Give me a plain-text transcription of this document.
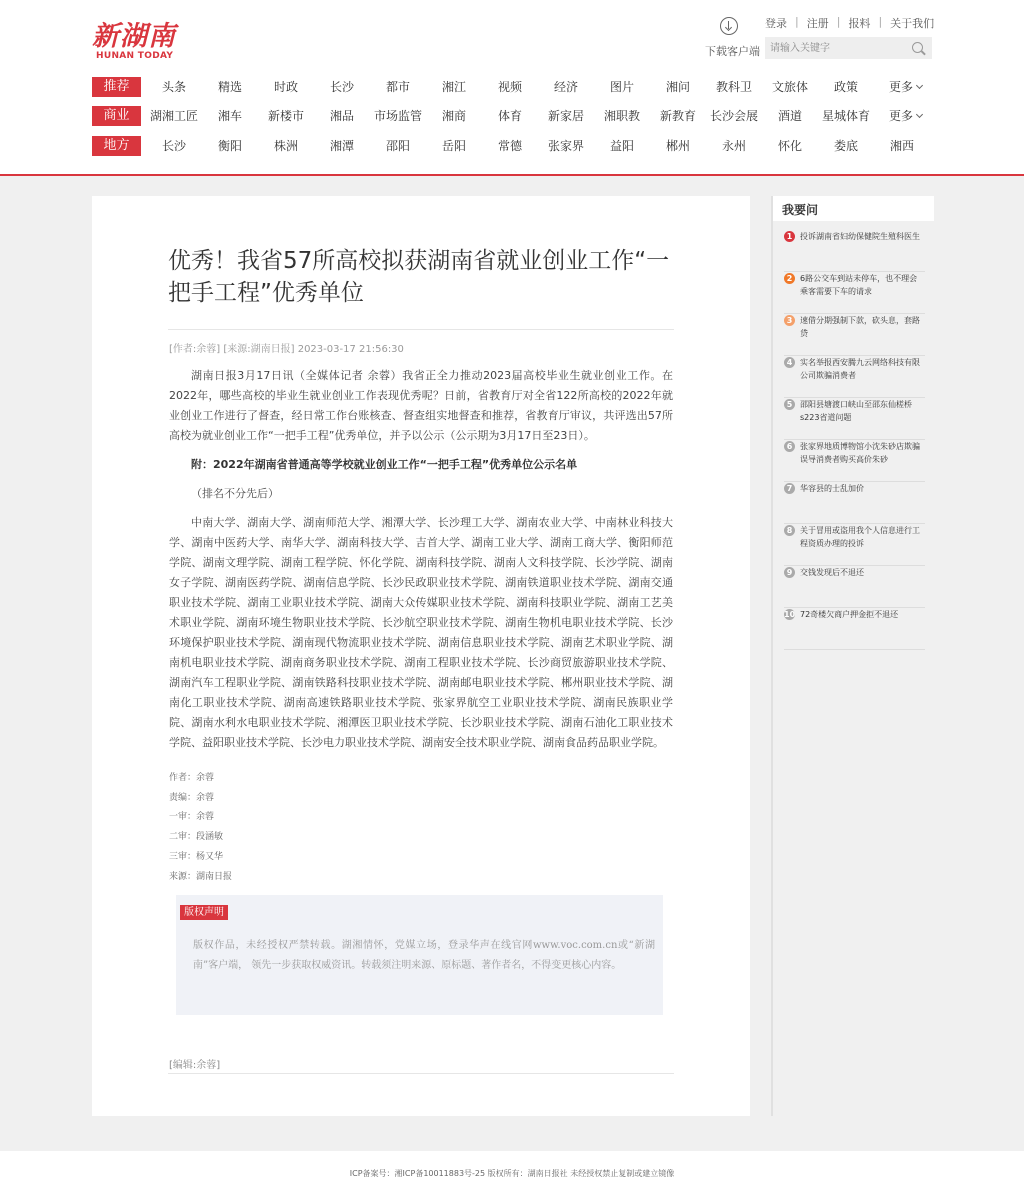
新湖南
HUNAN TODAY	下载客户端
登录 | 注册 | 报料 | 关于我们
请输入关键字
推荐	头条	精选	时政	长沙	都市	湘江	视频	经济	图片	湘问 教科卫 文旅体 政策	更多
商业	湖湘工匠 湘车 新楼市 湘品 市场监管 湘商	体育 新家居 湘职教 新教育 长沙会展 酒道 星城体育 更多
地方	长沙	衡阳	株洲	湘潭	邵阳	岳阳	常德 张家界 益阳	郴州	永州	怀化	娄底	湘西
优秀！我省57所高校拟获湖南省就业创业工作“一把手工程”优秀单位
[作者:余蓉] [来源:湖南日报] 2023-03-17 21:56:30

湖南日报3月17日讯（全媒体记者 余蓉）我省正全力推动2023届高校毕业生就业创业工作。在2022年，哪些高校的毕业生就业创业工作表现优秀呢？日前，省教育厅对全省122所高校的2022年就业创业工作进行了督查，经日常工作台账核查、督查组实地督查和推荐，省教育厅审议，共评选出57所高校为就业创业工作“一把手工程”优秀单位，并予以公示（公示期为3月17日至23日）。

附：2022年湖南省普通高等学校就业创业工作“一把手工程”优秀单位公示名单

（排名不分先后）

中南大学、湖南大学、湖南师范大学、湘潭大学、长沙理工大学、湖南农业大学、中南林业科技大学、湖南中医药大学、南华大学、湖南科技大学、吉首大学、湖南工业大学、湖南工商大学、衡阳师范学院、湖南文理学院、湖南工程学院、怀化学院、湖南科技学院、湖南人文科技学院、长沙学院、湖南女子学院、湖南医药学院、湖南信息学院、长沙民政职业技术学院、湖南铁道职业技术学院、湖南交通职业技术学院、湖南工业职业技术学院、湖南大众传媒职业技术学院、湖南科技职业学院、湖南工艺美术职业学院、湖南环境生物职业技术学院、长沙航空职业技术学院、湖南生物机电职业技术学院、长沙环境保护职业技术学院、湖南现代物流职业技术学院、湖南信息职业技术学院、湖南艺术职业学院、湖南机电职业技术学院、湖南商务职业技术学院、湖南工程职业技术学院、长沙商贸旅游职业技术学院、湖南汽车工程职业学院、湖南铁路科技职业技术学院、湖南邮电职业技术学院、郴州职业技术学院、湖南化工职业技术学院、湖南高速铁路职业技术学院、张家界航空工业职业技术学院、湖南民族职业学院、湖南水利水电职业技术学院、湘潭医卫职业技术学院、长沙职业技术学院、湖南石油化工职业技术学院、益阳职业技术学院、长沙电力职业技术学院、湖南安全技术职业学院、湖南食品药品职业学院。

作者：余蓉
责编：余蓉
一审：余蓉
二审：段涵敏
三审：杨又华
来源：湖南日报
版权声明
版权作品，未经授权严禁转载。湖湘情怀，党媒立场，登录华声在线官网www.voc.com.cn或“新湖南”客户端， 领先一步获取权威资讯。转载须注明来源、原标题、著作者名，不得变更核心内容。
[编辑:余蓉]
我要问
1 投诉湖南省妇幼保健院生殖科医生
2 6路公交车到站未停车，也不理会乘客需要下车的请求
3 速借分期强制下款，砍头息，套路贷
4 实名举报西安腾九云网络科技有限公司欺骗消费者
5 邵阳县塘渡口峡山至邵东仙槎桥s223省道问题
6 张家界地质博物馆小沈朱砂店欺骗误导消费者购买高价朱砂
7 华容县的士乱加价
8 关于冒用或盗用我个人信息进行工程资质办理的投诉
9 交钱发现后不退还
10 72奇楼欠商户押金拒不退还
ICP备案号：湘ICP备10011883号-25 版权所有：湖南日报社 未经授权禁止复制或建立镜像
